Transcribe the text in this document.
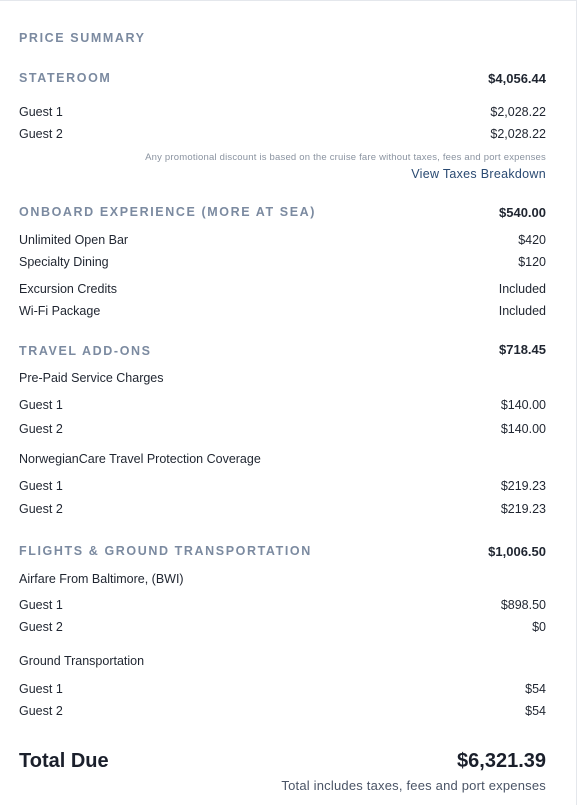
PRICE SUMMARY
STATEROOM	$4,056.44
Guest 1	$2,028.22
Guest 2	$2,028.22
Any promotional discount is based on the cruise fare without taxes, fees and port expenses
View Taxes Breakdown
ONBOARD EXPERIENCE (MORE AT SEA)	$540.00
Unlimited Open Bar	$420
Specialty Dining	$120
Excursion Credits	Included
Wi-Fi Package	Included
TRAVEL ADD-ONS	$718.45
Pre-Paid Service Charges
Guest 1	$140.00
Guest 2	$140.00
NorwegianCare Travel Protection Coverage
Guest 1	$219.23
Guest 2	$219.23
FLIGHTS & GROUND TRANSPORTATION	$1,006.50
Airfare From Baltimore, (BWI)
Guest 1	$898.50
Guest 2	$0
Ground Transportation
Guest 1	$54
Guest 2	$54
Total Due	$6,321.39
Total includes taxes, fees and port expenses
